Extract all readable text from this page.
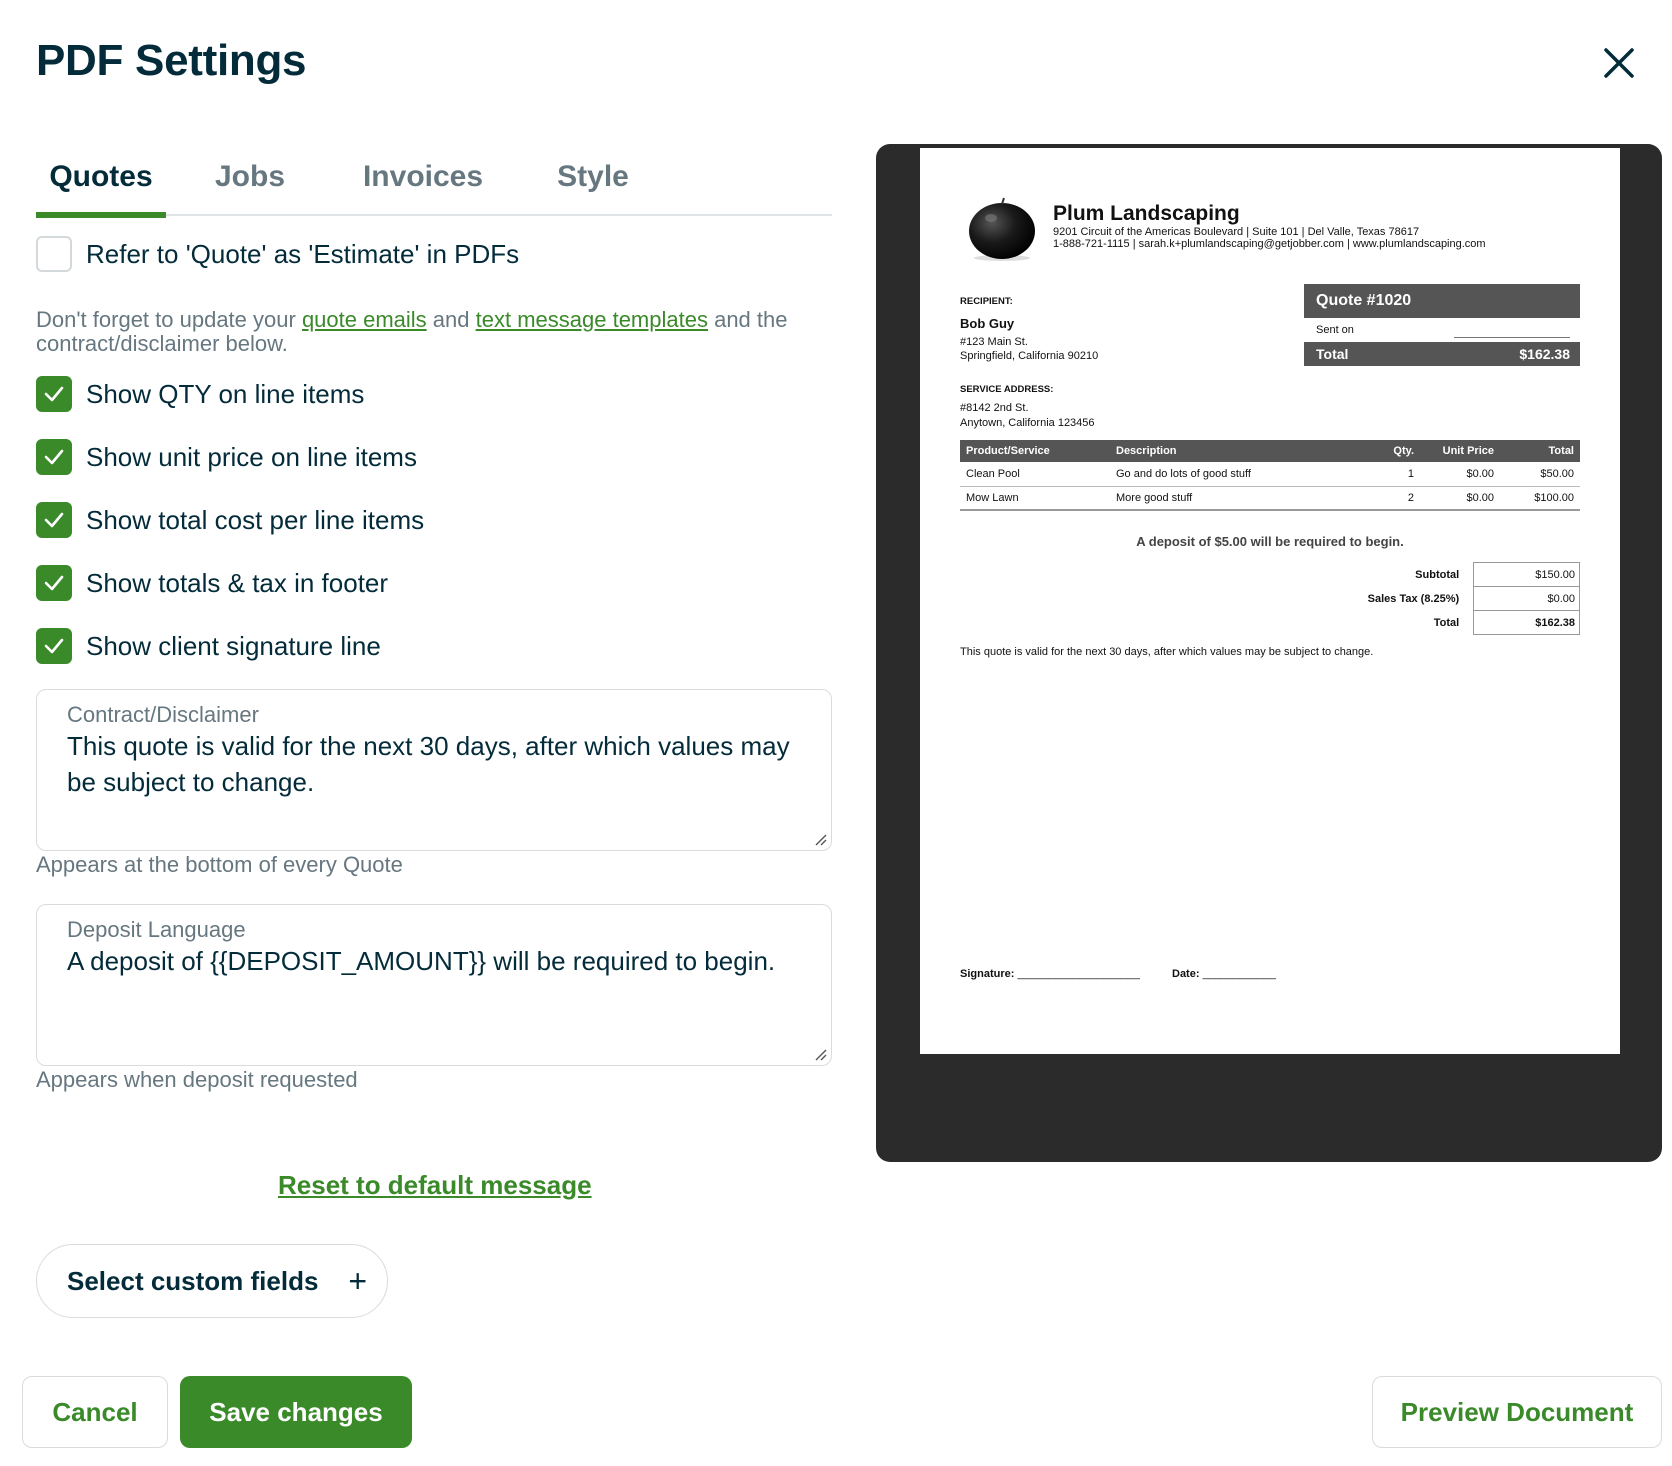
PDF Settings
Quotes	Jobs	Invoices	Style
Refer to 'Quote' as 'Estimate' in PDFs
Don't forget to update your quote emails and text message templates and the contract/disclaimer below.
Show QTY on line items
Show unit price on line items
Show total cost per line items
Show totals & tax in footer
Show client signature line
Contract/Disclaimer
This quote is valid for the next 30 days, after which values may be subject to change.
Appears at the bottom of every Quote
Deposit Language
A deposit of {{DEPOSIT_AMOUNT}} will be required to begin.
Appears when deposit requested
Reset to default message
Select custom fields +
Cancel	Save changes	Preview Document
Plum Landscaping
9201 Circuit of the Americas Boulevard | Suite 101 | Del Valle, Texas 78617
1-888-721-1115 | sarah.k+plumlandscaping@getjobber.com | www.plumlandscaping.com
RECIPIENT:
Bob Guy
#123 Main St.
Springfield, California 90210
SERVICE ADDRESS:
#8142 2nd St.
Anytown, California 123456
Quote #1020
Sent on
Total	$162.38
Product/Service	Description	Qty.	Unit Price	Total
Clean Pool	Go and do lots of good stuff	1	$0.00	$50.00
Mow Lawn	More good stuff	2	$0.00	$100.00
A deposit of $5.00 will be required to begin.
Subtotal	$150.00
Sales Tax (8.25%)	$0.00
Total	$162.38
This quote is valid for the next 30 days, after which values may be subject to change.
Signature: ____________________	Date: ____________
